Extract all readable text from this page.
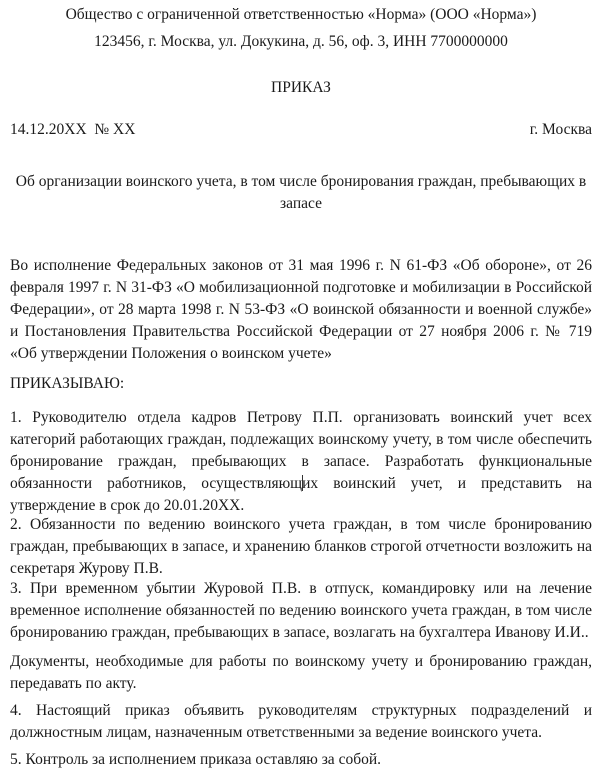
Общество с ограниченной ответственностью «Норма» (ООО «Норма»)
123456, г. Москва, ул. Докукина, д. 56, оф. 3, ИНН 7700000000
ПРИКАЗ
14.12.20XX  № XX	г. Москва
Об организации воинского учета, в том числе бронирования граждан, пребывающих в запасе
Во исполнение Федеральных законов от 31 мая 1996 г. N 61-ФЗ «Об обороне», от 26 февраля 1997 г. N 31-ФЗ «О мобилизационной подготовке и мобилизации в Российской Федерации», от 28 марта 1998 г. N 53-ФЗ «О воинской обязанности и военной службе» и Постановления Правительства Российской Федерации от 27 ноября 2006 г. № 719 «Об утверждении Положения о воинском учете»
ПРИКАЗЫВАЮ:
1. Руководителю отдела кадров Петрову П.П. организовать воинский учет всех категорий работающих граждан, подлежащих воинскому учету, в том числе обеспечить бронирование граждан, пребывающих в запасе. Разработать функциональные обязанности работников, осуществляющих воинский учет, и представить на утверждение в срок до 20.01.20XX.
2. Обязанности по ведению воинского учета граждан, в том числе бронированию граждан, пребывающих в запасе, и хранению бланков строгой отчетности возложить на секретаря Журову П.В.
3. При временном убытии Журовой П.В. в отпуск, командировку или на лечение временное исполнение обязанностей по ведению воинского учета граждан, в том числе бронированию граждан, пребывающих в запасе, возлагать на бухгалтера Иванову И.И..
Документы, необходимые для работы по воинскому учету и бронированию граждан, передавать по акту.
4. Настоящий приказ объявить руководителям структурных подразделений и должностным лицам, назначенным ответственными за ведение воинского учета.
5. Контроль за исполнением приказа оставляю за собой.
